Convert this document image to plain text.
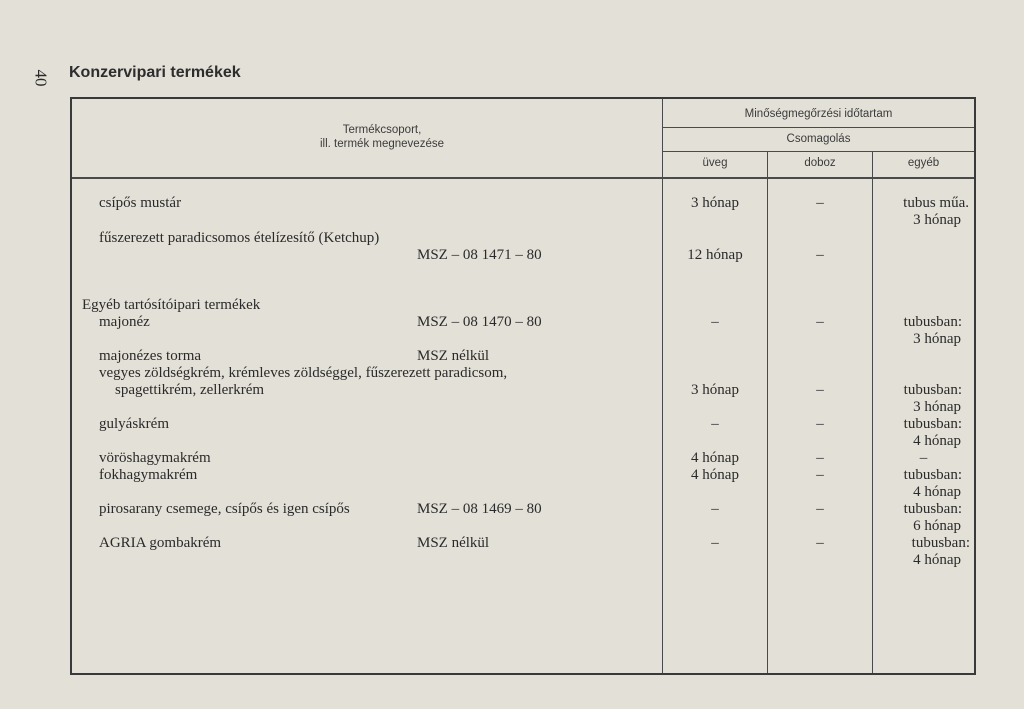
40 Konzervipari termékek
Termékcsoport,
ill. termék megnevezése
Minőségmegőrzési időtartam
Csomagolás
üveg	doboz	egyéb
csípős mustár	3 hónap	–	tubus műa.
3 hónap
fűszerezett paradicsomos ételízesítő (Ketchup)
MSZ – 08 1471 – 80	12 hónap	–
Egyéb tartósítóipari termékek
majonéz	MSZ – 08 1470 – 80	–	–	tubusban:
3 hónap
majonézes torma	MSZ nélkül
vegyes zöldségkrém, krémleves zöldséggel, fűszerezett paradicsom,
spagettikrém, zellerkrém	3 hónap	–	tubusban:
3 hónap
gulyáskrém	–	–	tubusban:
4 hónap
vöröshagymakrém	4 hónap	–	–
fokhagymakrém	4 hónap	–	tubusban:
4 hónap
pirosarany csemege, csípős és igen csípős	MSZ – 08 1469 – 80	–	–	tubusban:
6 hónap
AGRIA gombakrém	MSZ nélkül	–	–	tubusban:
4 hónap
